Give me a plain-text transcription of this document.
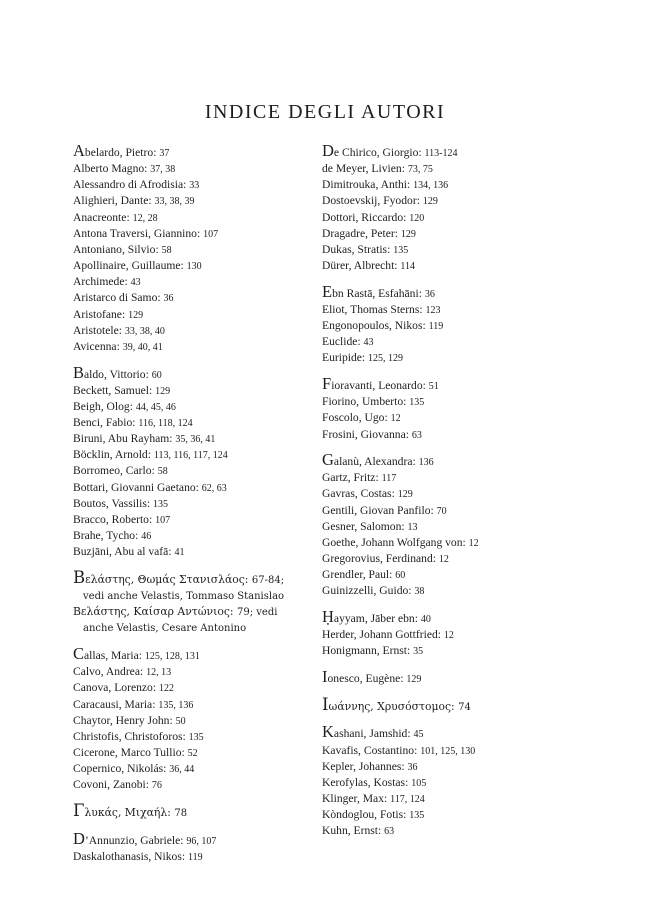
INDICE DEGLI AUTORI
Abelardo, Pietro: 37
Alberto Magno: 37, 38
Alessandro di Afrodisia: 33
Alighieri, Dante: 33, 38, 39
Anacreonte: 12, 28
Antona Traversi, Giannino: 107
Antoniano, Silvio: 58
Apollinaire, Guillaume: 130
Archimede: 43
Aristarco di Samo: 36
Aristofane: 129
Aristotele: 33, 38, 40
Avicenna: 39, 40, 41
Baldo, Vittorio: 60
Beckett, Samuel: 129
Beigh, Olog: 44, 45, 46
Benci, Fabio: 116, 118, 124
Biruni, Abu Rayham: 35, 36, 41
Böcklin, Arnold: 113, 116, 117, 124
Borromeo, Carlo: 58
Bottari, Giovanni Gaetano: 62, 63
Boutos, Vassilis: 135
Bracco, Roberto: 107
Brahe, Tycho: 46
Buzjāni, Abu al vafā: 41
Βελάστης, Θωμάς Στανισλάος: 67-84; vedi anche Velastis, Tommaso Stanislao
Βελάστης, Καίσαρ Αντώνιος: 79; vedi anche Velastis, Cesare Antonino
Callas, Maria: 125, 128, 131
Calvo, Andrea: 12, 13
Canova, Lorenzo: 122
Caracausi, Maria: 135, 136
Chaytor, Henry John: 50
Christofis, Christoforos: 135
Cicerone, Marco Tullio: 52
Copernico, Nikolás: 36, 44
Covoni, Zanobi: 76
Γλυκάς, Μιχαήλ: 78
D’Annunzio, Gabriele: 96, 107
Daskalothanasis, Nikos: 119
De Chirico, Giorgio: 113-124
de Meyer, Livien: 73, 75
Dimitrouka, Anthi: 134, 136
Dostoevskij, Fyodor: 129
Dottori, Riccardo: 120
Dragadre, Peter: 129
Dukas, Stratis: 135
Dürer, Albrecht: 114
Ebn Rastā, Esfahāni: 36
Eliot, Thomas Sterns: 123
Engonopoulos, Nikos: 119
Euclide: 43
Euripide: 125, 129
Fioravanti, Leonardo: 51
Fiorino, Umberto: 135
Foscolo, Ugo: 12
Frosini, Giovanna: 63
Galanù, Alexandra: 136
Gartz, Fritz: 117
Gavras, Costas: 129
Gentili, Giovan Panfilo: 70
Gesner, Salomon: 13
Goethe, Johann Wolfgang von: 12
Gregorovius, Ferdinand: 12
Grendler, Paul: 60
Guinizzelli, Guido: 38
Ḥayyam, Jāber ebn: 40
Herder, Johann Gottfried: 12
Honigmann, Ernst: 35
Ionesco, Eugène: 129
Ιωάννης, Χρυσόστομος: 74
Kashani, Jamshid: 45
Kavafis, Costantino: 101, 125, 130
Kepler, Johannes: 36
Kerofylas, Kostas: 105
Klinger, Max: 117, 124
Kòndoglou, Fotis: 135
Kuhn, Ernst: 63
